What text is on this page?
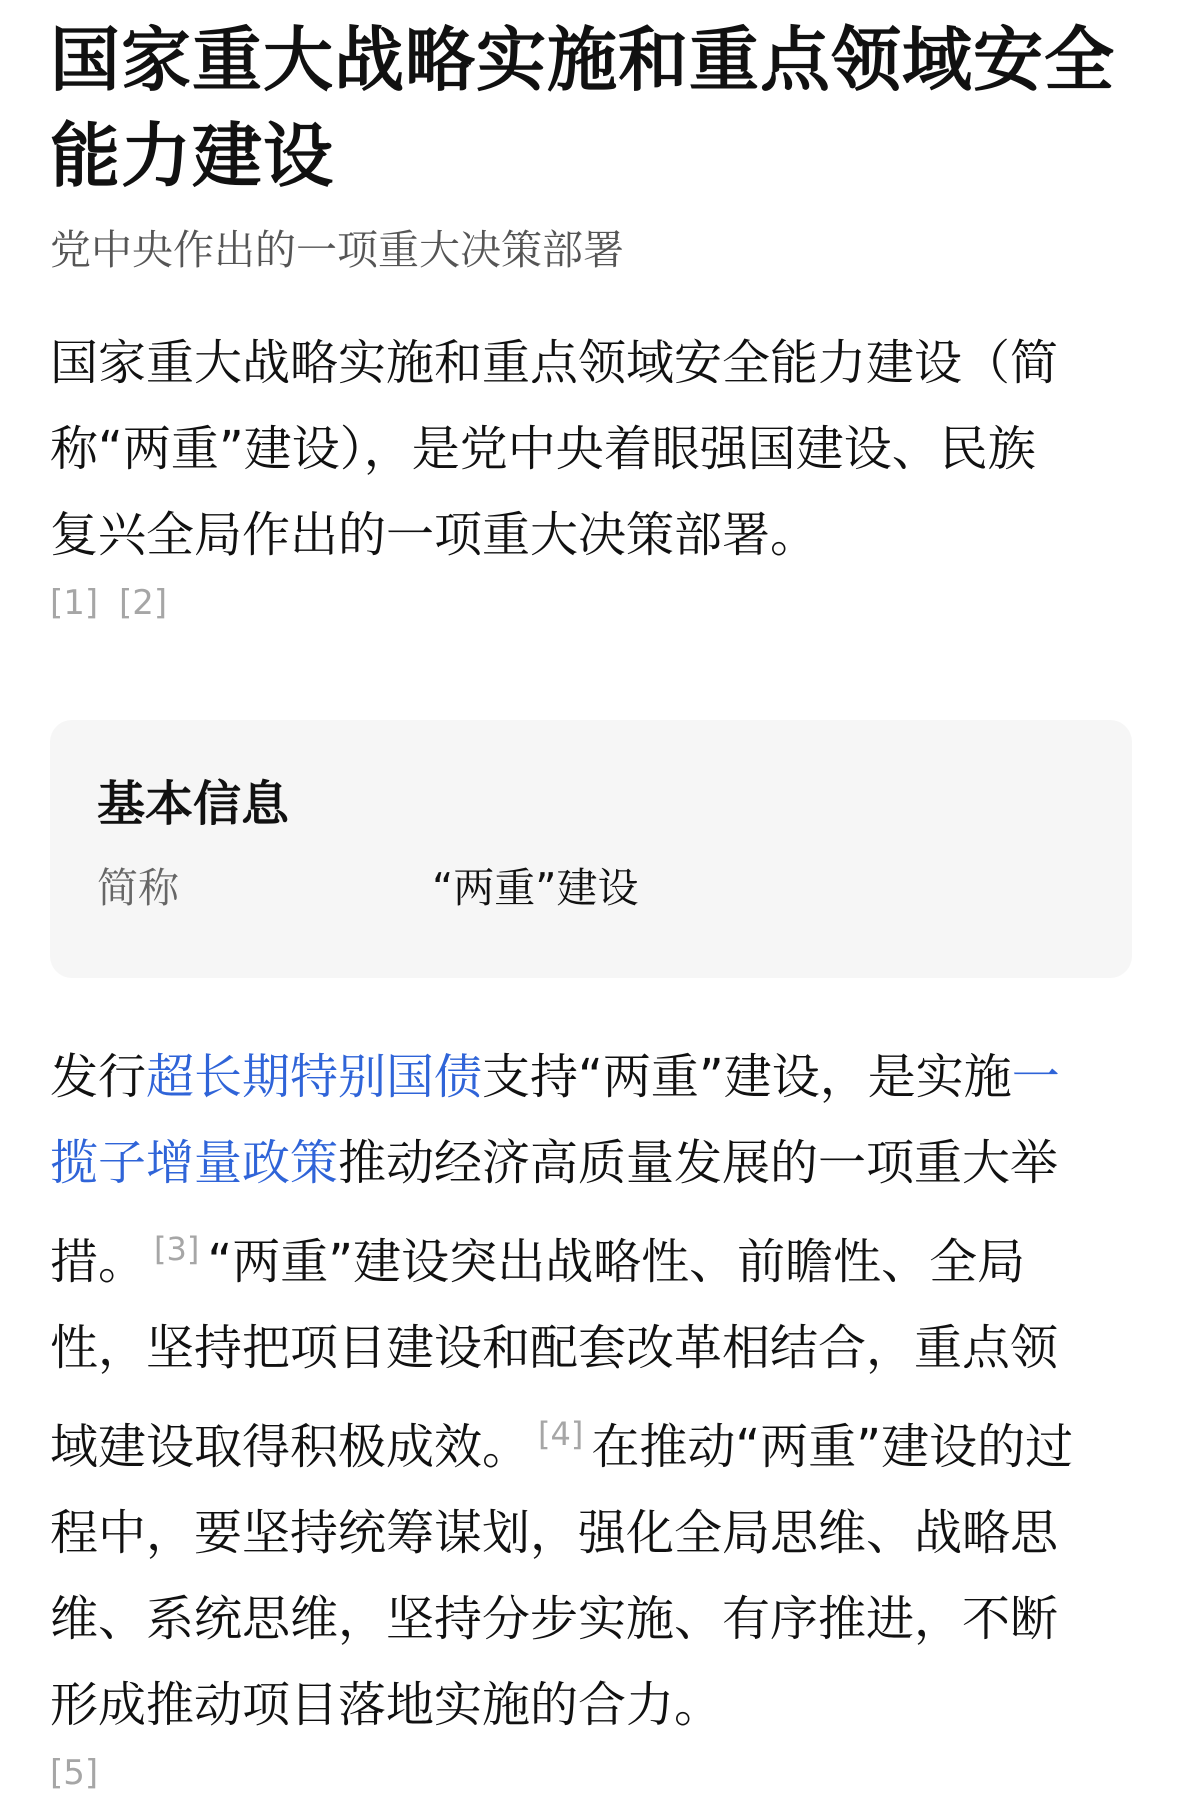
国家重大战略实施和重点领域安全能力建设
党中央作出的一项重大决策部署
国家重大战略实施和重点领域安全能力建设（简称“两重”建设），是党中央着眼强国建设、民族复兴全局作出的一项重大决策部署。
[1] [2]
基本信息
简称	“两重”建设
发行超长期特别国债支持“两重”建设，是实施一揽子增量政策推动经济高质量发展的一项重大举措。 [3] “两重”建设突出战略性、前瞻性、全局性，坚持把项目建设和配套改革相结合，重点领域建设取得积极成效。 [4] 在推动“两重”建设的过程中，要坚持统筹谋划，强化全局思维、战略思维、系统思维，坚持分步实施、有序推进，不断形成推动项目落地实施的合力。
[5]
